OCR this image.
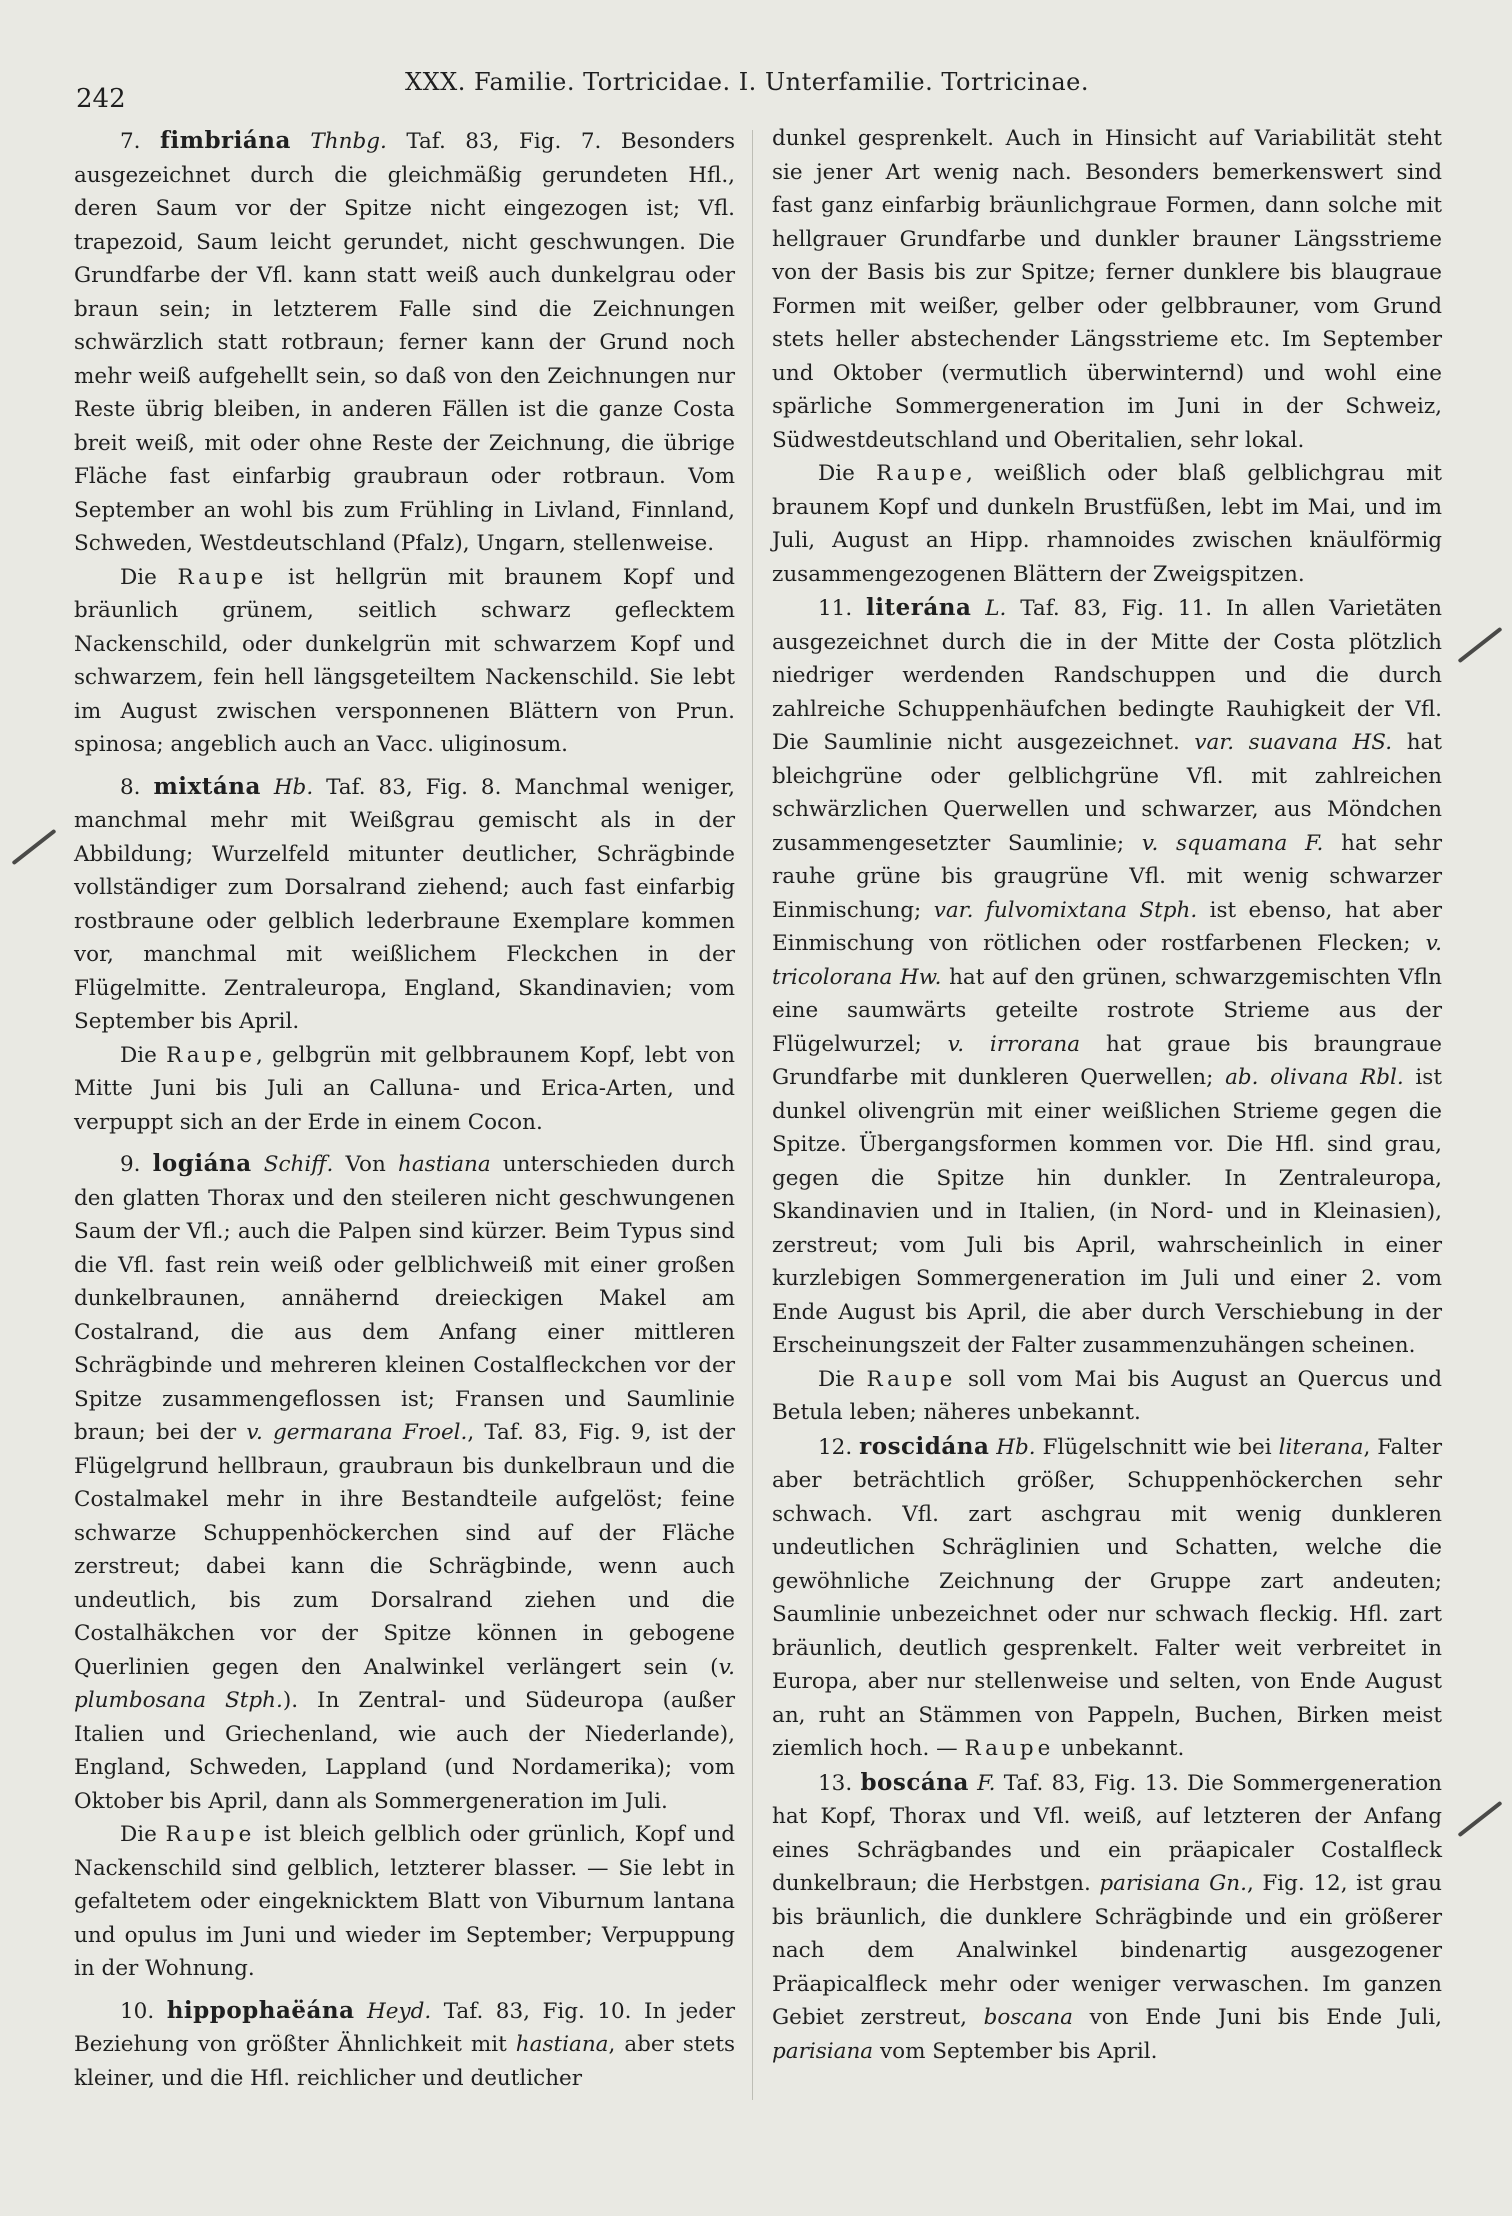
242
XXX. Familie. Tortricidae. I. Unterfamilie. Tortricinae.

7. fimbriána Thnbg. Taf. 83, Fig. 7. Besonders ausgezeichnet durch die gleichmäßig gerundeten Hfl., deren Saum vor der Spitze nicht eingezogen ist; Vfl. trapezoid, Saum leicht gerundet, nicht geschwungen. Die Grundfarbe der Vfl. kann statt weiß auch dunkelgrau oder braun sein; in letzterem Falle sind die Zeichnungen schwärzlich statt rotbraun; ferner kann der Grund noch mehr weiß aufgehellt sein, so daß von den Zeichnungen nur Reste übrig bleiben, in anderen Fällen ist die ganze Costa breit weiß, mit oder ohne Reste der Zeichnung, die übrige Fläche fast einfarbig graubraun oder rotbraun. Vom September an wohl bis zum Frühling in Livland, Finnland, Schweden, Westdeutschland (Pfalz), Ungarn, stellenweise.

Die Raupe ist hellgrün mit braunem Kopf und bräunlich grünem, seitlich schwarz geflecktem Nackenschild, oder dunkelgrün mit schwarzem Kopf und schwarzem, fein hell längsgeteiltem Nackenschild. Sie lebt im August zwischen versponnenen Blättern von Prun. spinosa; angeblich auch an Vacc. uliginosum.

8. mixtána Hb. Taf. 83, Fig. 8. Manchmal weniger, manchmal mehr mit Weißgrau gemischt als in der Abbildung; Wurzelfeld mitunter deutlicher, Schrägbinde vollständiger zum Dorsalrand ziehend; auch fast einfarbig rostbraune oder gelblich lederbraune Exemplare kommen vor, manchmal mit weißlichem Fleckchen in der Flügelmitte. Zentraleuropa, England, Skandinavien; vom September bis April.

Die Raupe, gelbgrün mit gelbbraunem Kopf, lebt von Mitte Juni bis Juli an Calluna- und Erica-Arten, und verpuppt sich an der Erde in einem Cocon.

9. logiána Schiff. Von hastiana unterschieden durch den glatten Thorax und den steileren nicht geschwungenen Saum der Vfl.; auch die Palpen sind kürzer. Beim Typus sind die Vfl. fast rein weiß oder gelblichweiß mit einer großen dunkelbraunen, annähernd dreieckigen Makel am Costalrand, die aus dem Anfang einer mittleren Schrägbinde und mehreren kleinen Costalfleckchen vor der Spitze zusammengeflossen ist; Fransen und Saumlinie braun; bei der v. germarana Froel., Taf. 83, Fig. 9, ist der Flügelgrund hellbraun, graubraun bis dunkelbraun und die Costalmakel mehr in ihre Bestandteile aufgelöst; feine schwarze Schuppenhöckerchen sind auf der Fläche zerstreut; dabei kann die Schrägbinde, wenn auch undeutlich, bis zum Dorsalrand ziehen und die Costalhäkchen vor der Spitze können in gebogene Querlinien gegen den Analwinkel verlängert sein (v. plumbosana Stph.). In Zentral- und Südeuropa (außer Italien und Griechenland, wie auch der Niederlande), England, Schweden, Lappland (und Nordamerika); vom Oktober bis April, dann als Sommergeneration im Juli.

Die Raupe ist bleich gelblich oder grünlich, Kopf und Nackenschild sind gelblich, letzterer blasser. — Sie lebt in gefaltetem oder eingeknicktem Blatt von Viburnum lantana und opulus im Juni und wieder im September; Verpuppung in der Wohnung.

10. hippophaëána Heyd. Taf. 83, Fig. 10. In jeder Beziehung von größter Ähnlichkeit mit hastiana, aber stets kleiner, und die Hfl. reichlicher und deutlicher

dunkel gesprenkelt. Auch in Hinsicht auf Variabilität steht sie jener Art wenig nach. Besonders bemerkenswert sind fast ganz einfarbig bräunlichgraue Formen, dann solche mit hellgrauer Grundfarbe und dunkler brauner Längsstrieme von der Basis bis zur Spitze; ferner dunklere bis blaugraue Formen mit weißer, gelber oder gelbbrauner, vom Grund stets heller abstechender Längsstrieme etc. Im September und Oktober (vermutlich überwinternd) und wohl eine spärliche Sommergeneration im Juni in der Schweiz, Südwestdeutschland und Oberitalien, sehr lokal.

Die Raupe, weißlich oder blaß gelblichgrau mit braunem Kopf und dunkeln Brustfüßen, lebt im Mai, und im Juli, August an Hipp. rhamnoides zwischen knäulförmig zusammengezogenen Blättern der Zweigspitzen.

11. literána L. Taf. 83, Fig. 11. In allen Varietäten ausgezeichnet durch die in der Mitte der Costa plötzlich niedriger werdenden Randschuppen und die durch zahlreiche Schuppenhäufchen bedingte Rauhigkeit der Vfl. Die Saumlinie nicht ausgezeichnet. var. suavana HS. hat bleichgrüne oder gelblichgrüne Vfl. mit zahlreichen schwärzlichen Querwellen und schwarzer, aus Möndchen zusammengesetzter Saumlinie; v. squamana F. hat sehr rauhe grüne bis graugrüne Vfl. mit wenig schwarzer Einmischung; var. fulvomixtana Stph. ist ebenso, hat aber Einmischung von rötlichen oder rostfarbenen Flecken; v. tricolorana Hw. hat auf den grünen, schwarzgemischten Vfln eine saumwärts geteilte rostrote Strieme aus der Flügelwurzel; v. irrorana hat graue bis braungraue Grundfarbe mit dunkleren Querwellen; ab. olivana Rbl. ist dunkel olivengrün mit einer weißlichen Strieme gegen die Spitze. Übergangsformen kommen vor. Die Hfl. sind grau, gegen die Spitze hin dunkler. In Zentraleuropa, Skandinavien und in Italien, (in Nord- und in Kleinasien), zerstreut; vom Juli bis April, wahrscheinlich in einer kurzlebigen Sommergeneration im Juli und einer 2. vom Ende August bis April, die aber durch Verschiebung in der Erscheinungszeit der Falter zusammenzuhängen scheinen.

Die Raupe soll vom Mai bis August an Quercus und Betula leben; näheres unbekannt.

12. roscidána Hb. Flügelschnitt wie bei literana, Falter aber beträchtlich größer, Schuppenhöckerchen sehr schwach. Vfl. zart aschgrau mit wenig dunkleren undeutlichen Schräglinien und Schatten, welche die gewöhnliche Zeichnung der Gruppe zart andeuten; Saumlinie unbezeichnet oder nur schwach fleckig. Hfl. zart bräunlich, deutlich gesprenkelt. Falter weit verbreitet in Europa, aber nur stellenweise und selten, von Ende August an, ruht an Stämmen von Pappeln, Buchen, Birken meist ziemlich hoch. — Raupe unbekannt.

13. boscána F. Taf. 83, Fig. 13. Die Sommergeneration hat Kopf, Thorax und Vfl. weiß, auf letzteren der Anfang eines Schrägbandes und ein präapicaler Costalfleck dunkelbraun; die Herbstgen. parisiana Gn., Fig. 12, ist grau bis bräunlich, die dunklere Schrägbinde und ein größerer nach dem Analwinkel bindenartig ausgezogener Präapicalfleck mehr oder weniger verwaschen. Im ganzen Gebiet zerstreut, boscana von Ende Juni bis Ende Juli, parisiana vom September bis April.
